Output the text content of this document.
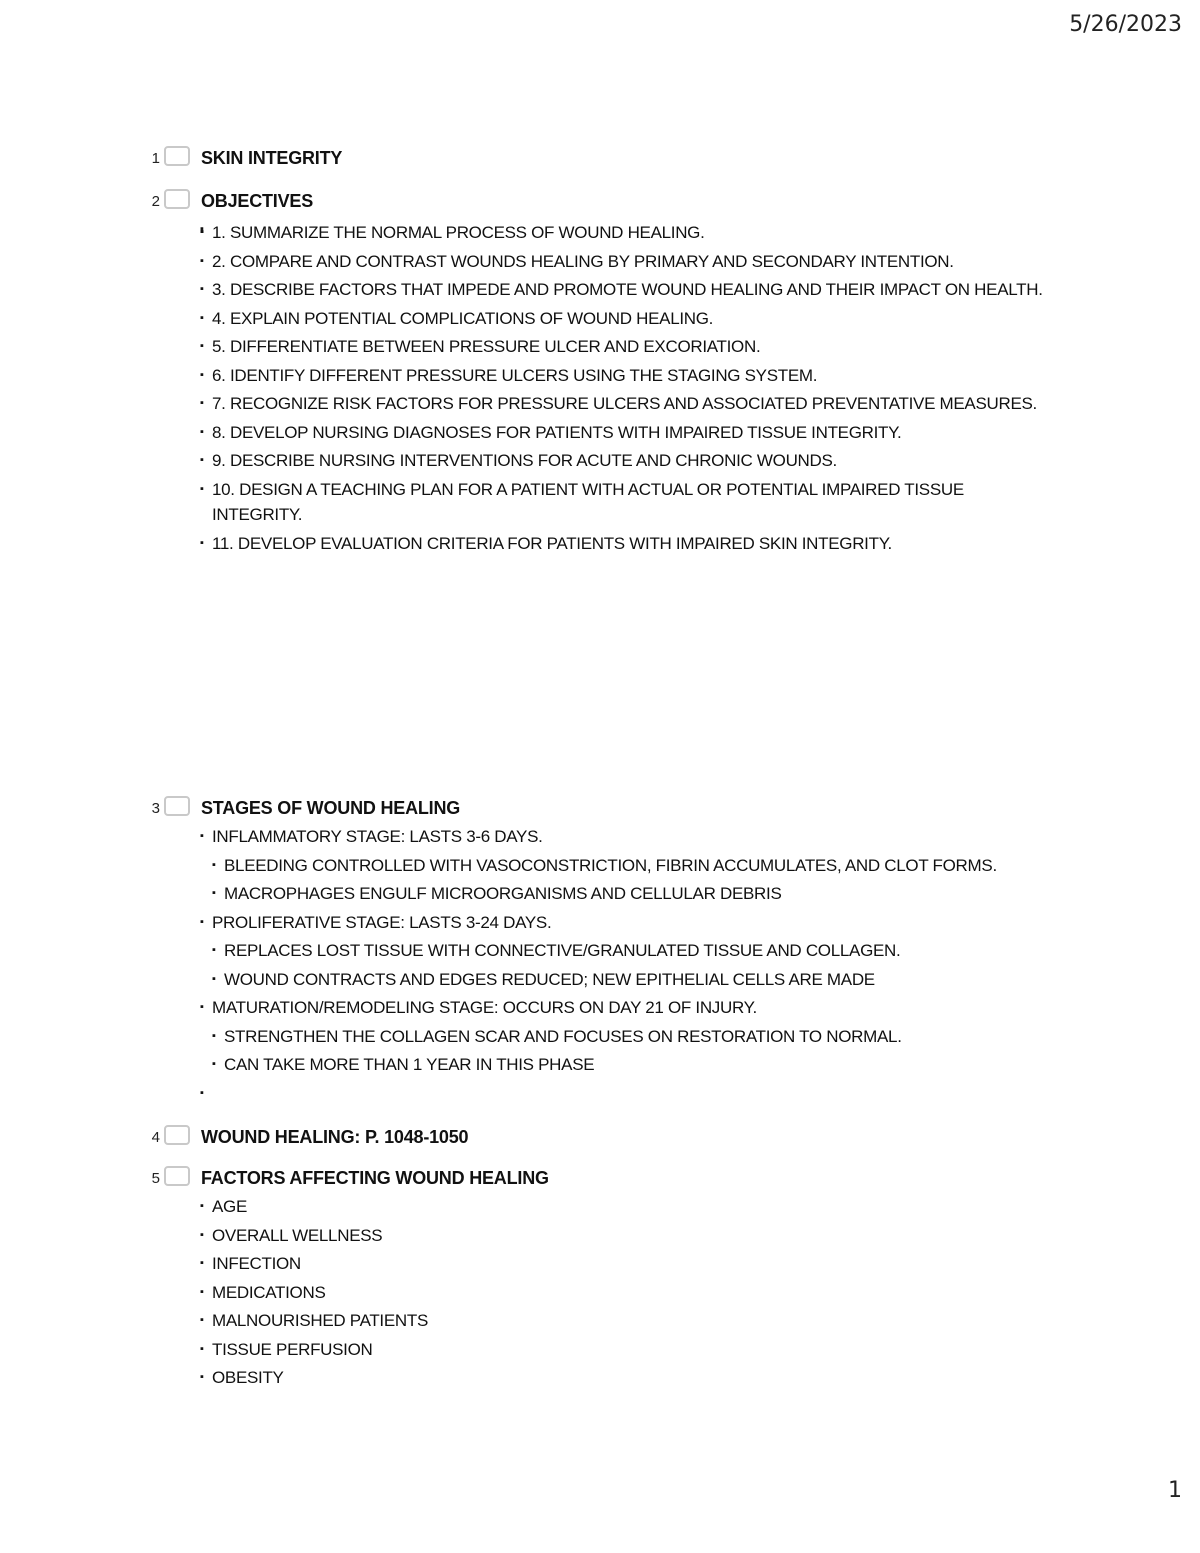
5/26/2023
1 SKIN INTEGRITY
2 OBJECTIVES
▪ 1. SUMMARIZE THE NORMAL PROCESS OF WOUND HEALING.
▪ 2. COMPARE AND CONTRAST WOUNDS HEALING BY PRIMARY AND SECONDARY INTENTION.
▪ 3. DESCRIBE FACTORS THAT IMPEDE AND PROMOTE WOUND HEALING AND THEIR IMPACT ON HEALTH.
▪ 4. EXPLAIN POTENTIAL COMPLICATIONS OF WOUND HEALING.
▪ 5. DIFFERENTIATE BETWEEN PRESSURE ULCER AND EXCORIATION.
▪ 6. IDENTIFY DIFFERENT PRESSURE ULCERS USING THE STAGING SYSTEM.
▪ 7. RECOGNIZE RISK FACTORS FOR PRESSURE ULCERS AND ASSOCIATED PREVENTATIVE MEASURES.
▪ 8. DEVELOP NURSING DIAGNOSES FOR PATIENTS WITH IMPAIRED TISSUE INTEGRITY.
▪ 9. DESCRIBE NURSING INTERVENTIONS FOR ACUTE AND CHRONIC WOUNDS.
▪ 10. DESIGN A TEACHING PLAN FOR A PATIENT WITH ACTUAL OR POTENTIAL IMPAIRED TISSUE INTEGRITY.
▪ 11. DEVELOP EVALUATION CRITERIA FOR PATIENTS WITH IMPAIRED SKIN INTEGRITY.
3 STAGES OF WOUND HEALING
▪ INFLAMMATORY STAGE: LASTS 3-6 DAYS.
▪ BLEEDING CONTROLLED WITH VASOCONSTRICTION, FIBRIN ACCUMULATES, AND CLOT FORMS.
▪ MACROPHAGES ENGULF MICROORGANISMS AND CELLULAR DEBRIS
▪ PROLIFERATIVE STAGE: LASTS 3-24 DAYS.
▪ REPLACES LOST TISSUE WITH CONNECTIVE/GRANULATED TISSUE AND COLLAGEN.
▪ WOUND CONTRACTS AND EDGES REDUCED; NEW EPITHELIAL CELLS ARE MADE
▪ MATURATION/REMODELING STAGE: OCCURS ON DAY 21 OF INJURY.
▪ STRENGTHEN THE COLLAGEN SCAR AND FOCUSES ON RESTORATION TO NORMAL.
▪ CAN TAKE MORE THAN 1 YEAR IN THIS PHASE
4 WOUND HEALING: P. 1048-1050
5 FACTORS AFFECTING WOUND HEALING
▪ AGE
▪ OVERALL WELLNESS
▪ INFECTION
▪ MEDICATIONS
▪ MALNOURISHED PATIENTS
▪ TISSUE PERFUSION
▪ OBESITY
1
